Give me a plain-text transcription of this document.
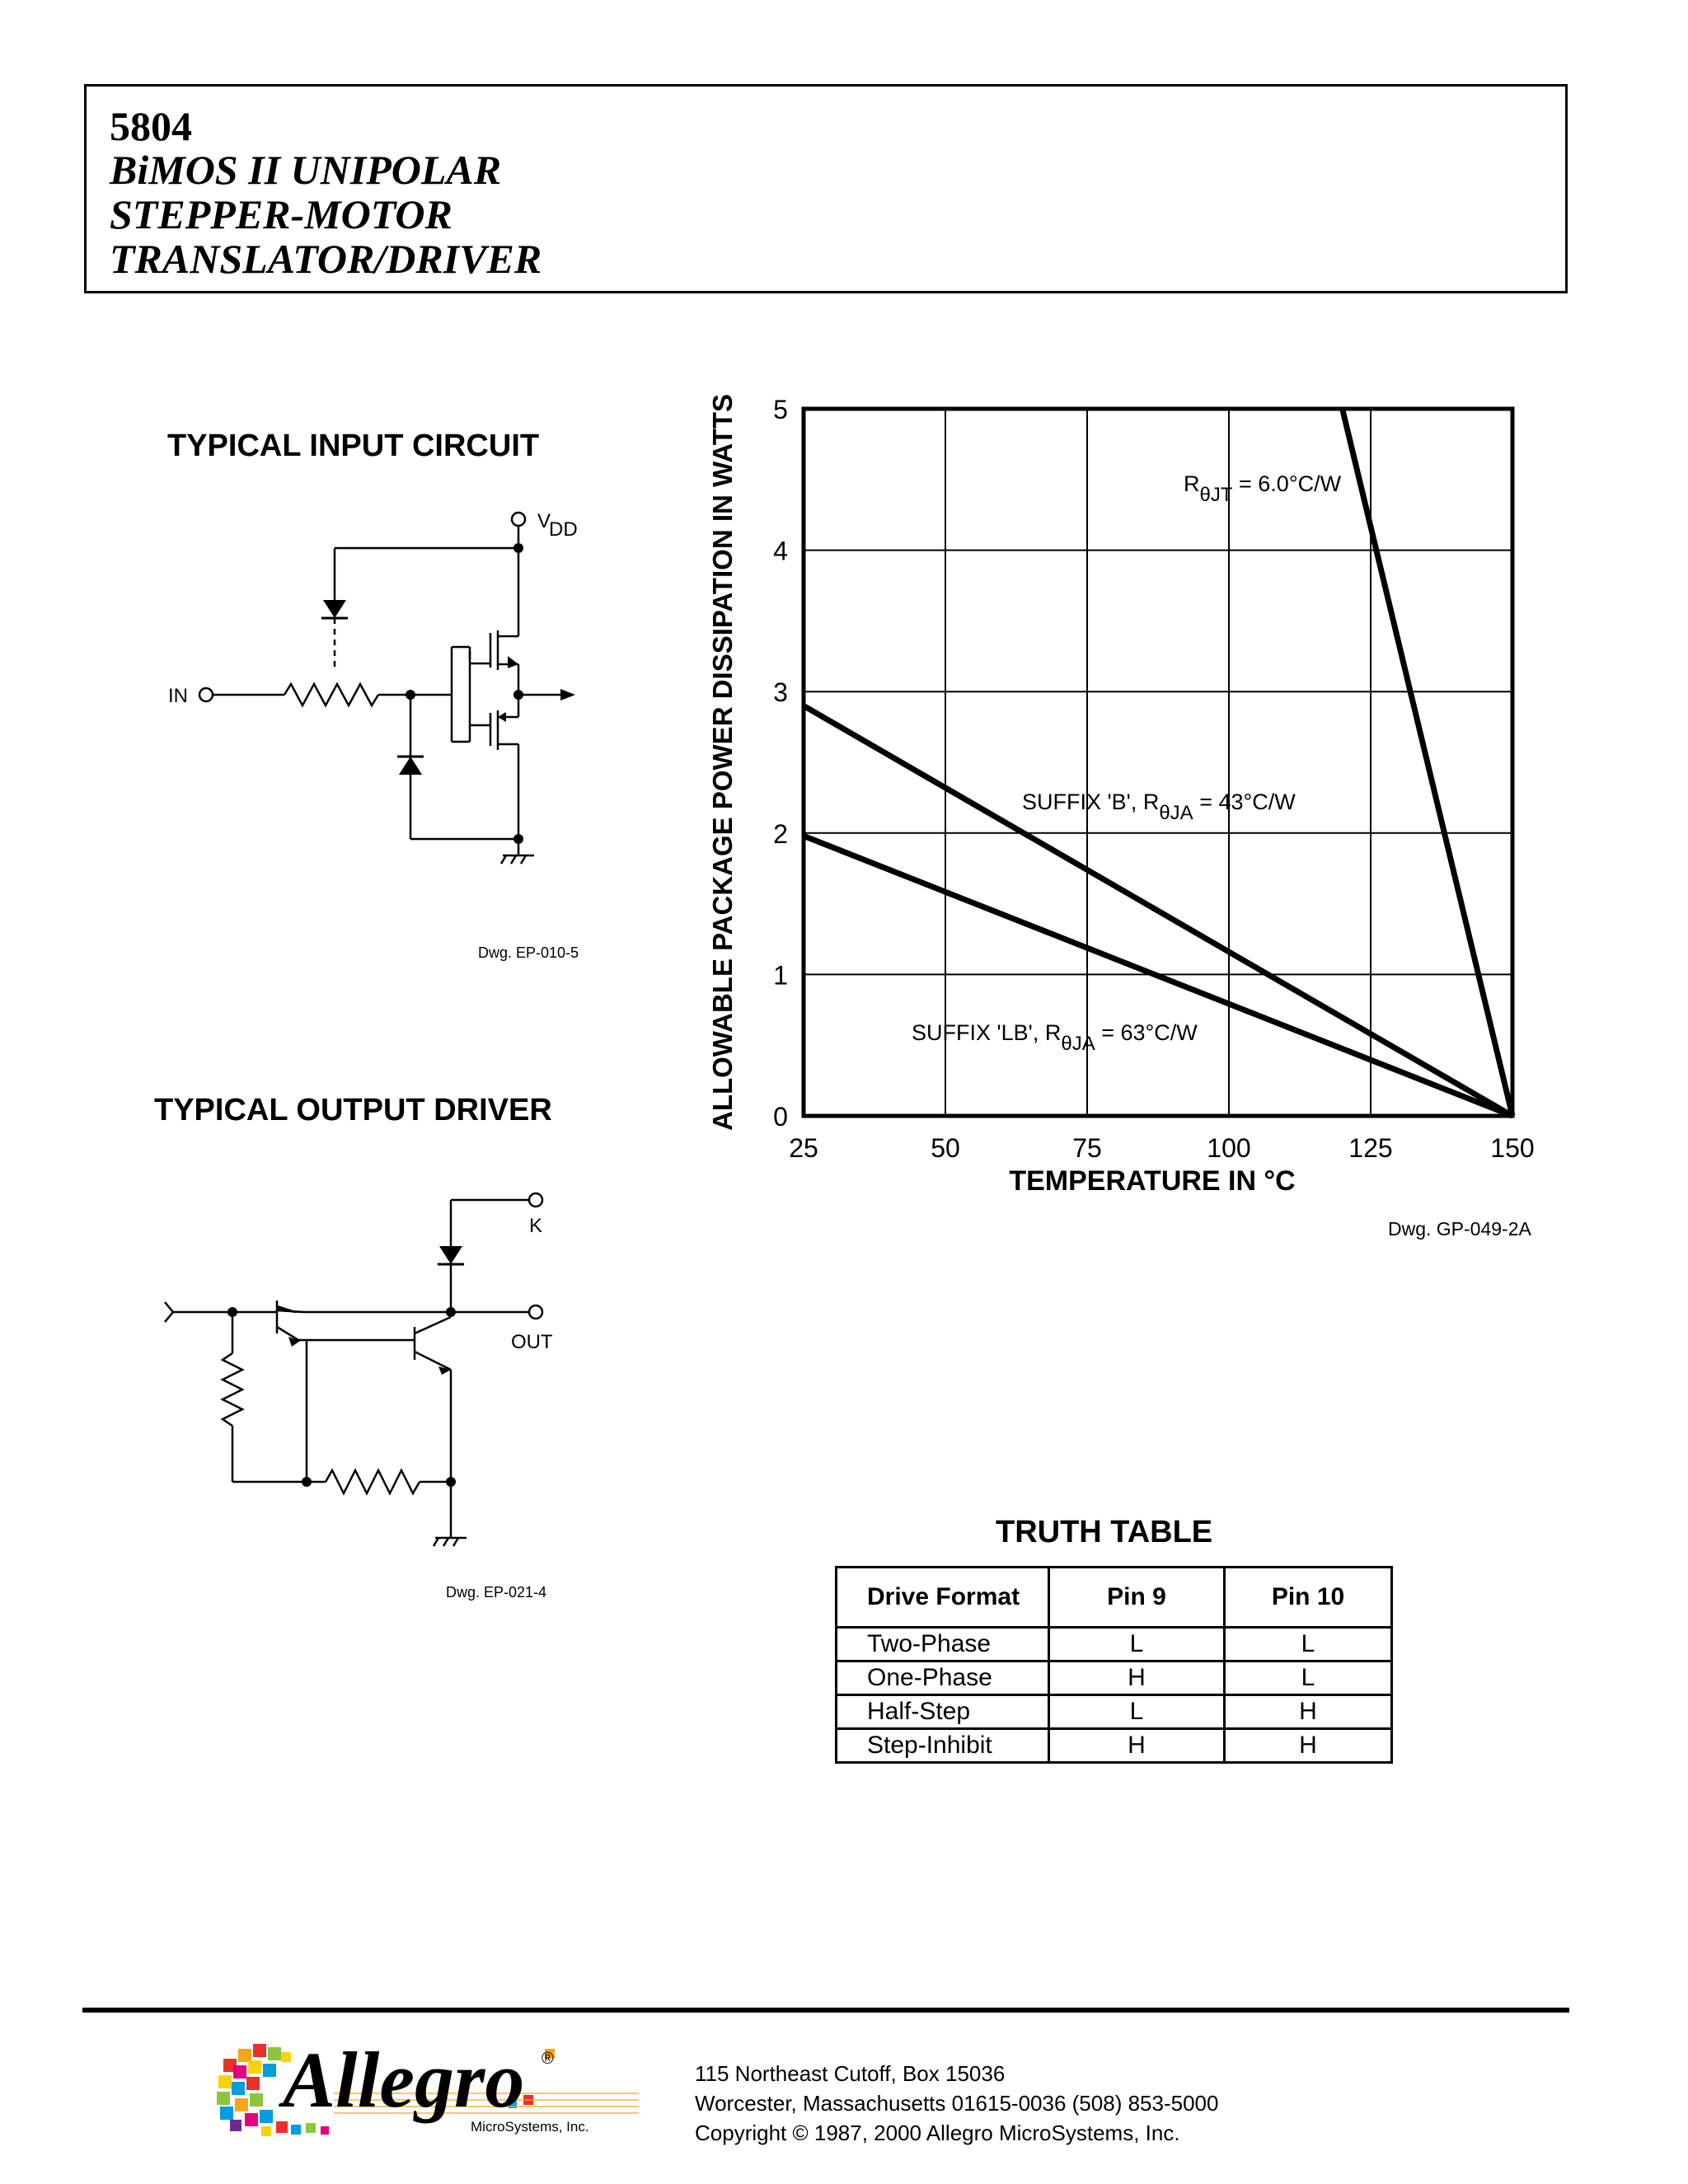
5804
BiMOS II UNIPOLAR
STEPPER-MOTOR
TRANSLATOR/DRIVER
TYPICAL INPUT CIRCUIT
V
DD
IN
Dwg. EP-010-5
TYPICAL OUTPUT DRIVER
K
OUT
Dwg. EP-021-4
25	50	75	100	125	150
0
1
2
3
4
5
TEMPERATURE IN °C
ALLOWABLE PACKAGE POWER DISSIPATION IN WATTS	RθJT = 6.0°C/W
SUFFIX 'B', RθJA = 43°C/W
SUFFIX 'LB', RθJA = 63°C/W
Dwg. GP-049-2A
TRUTH TABLE
Drive Format	Pin 9	Pin 10
Two-Phase	L	L
One-Phase	H	L
Half-Step	L	H
Step-Inhibit	H	H
Allegro ®
MicroSystems, Inc.
115 Northeast Cutoff, Box 15036
Worcester, Massachusetts 01615-0036 (508) 853-5000
Copyright © 1987, 2000 Allegro MicroSystems, Inc.
